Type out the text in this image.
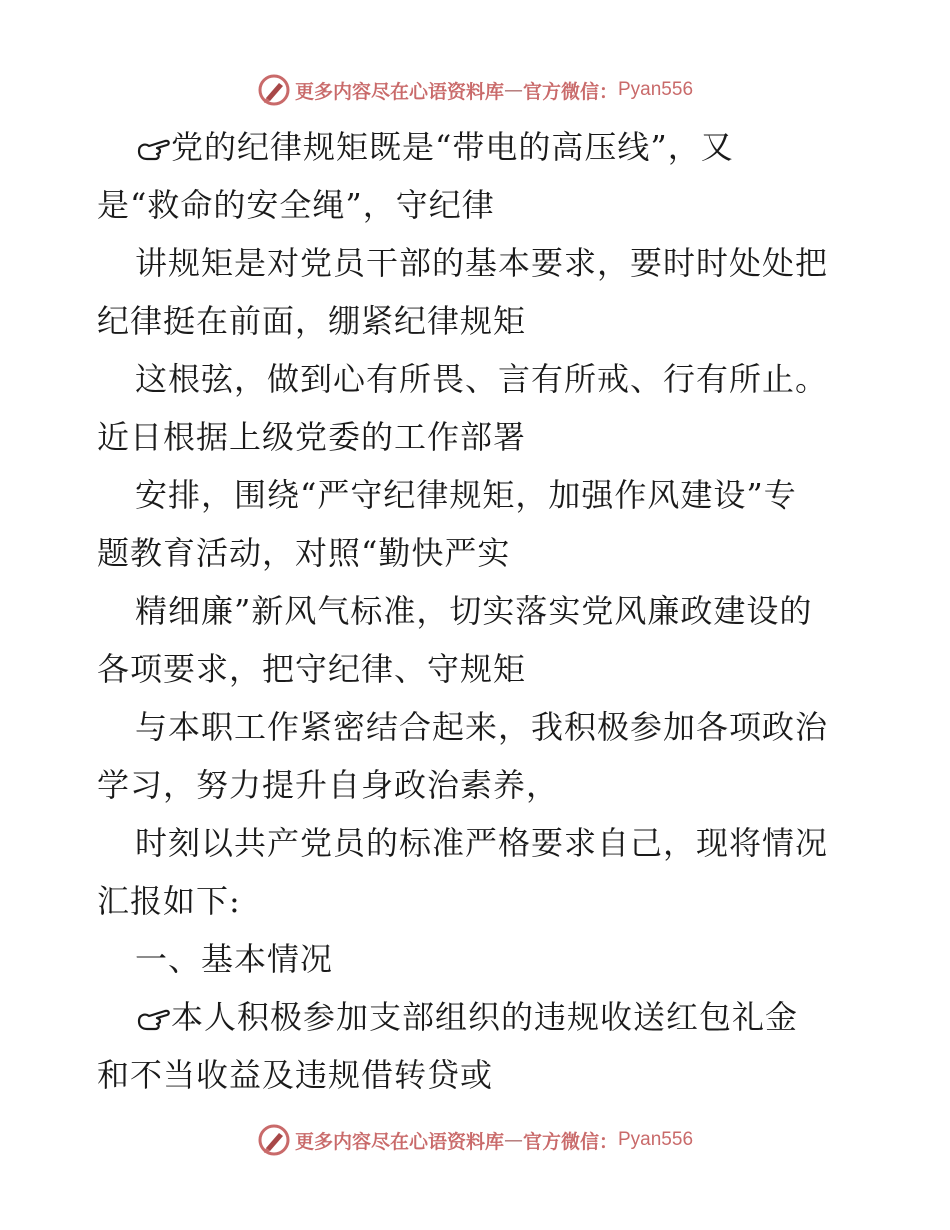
更多内容尽在心语资料库 — 官方微信： Pyan556
党的纪律规矩既是“带电的高压线”，又
是“救命的安全绳”，守纪律
讲规矩是对党员干部的基本要求，要时时处处把
纪律挺在前面，绷紧纪律规矩
这根弦，做到心有所畏、言有所戒、行有所止。
近日根据上级党委的工作部署
安排，围绕“严守纪律规矩，加强作风建设”专
题教育活动，对照“勤快严实
精细廉”新风气标准，切实落实党风廉政建设的
各项要求，把守纪律、守规矩
与本职工作紧密结合起来，我积极参加各项政治
学习，努力提升自身政治素养，
时刻以共产党员的标准严格要求自己，现将情况
汇报如下:
一、基本情况
本人积极参加支部组织的违规收送红包礼金
和不当收益及违规借转贷或
更多内容尽在心语资料库 — 官方微信： Pyan556
